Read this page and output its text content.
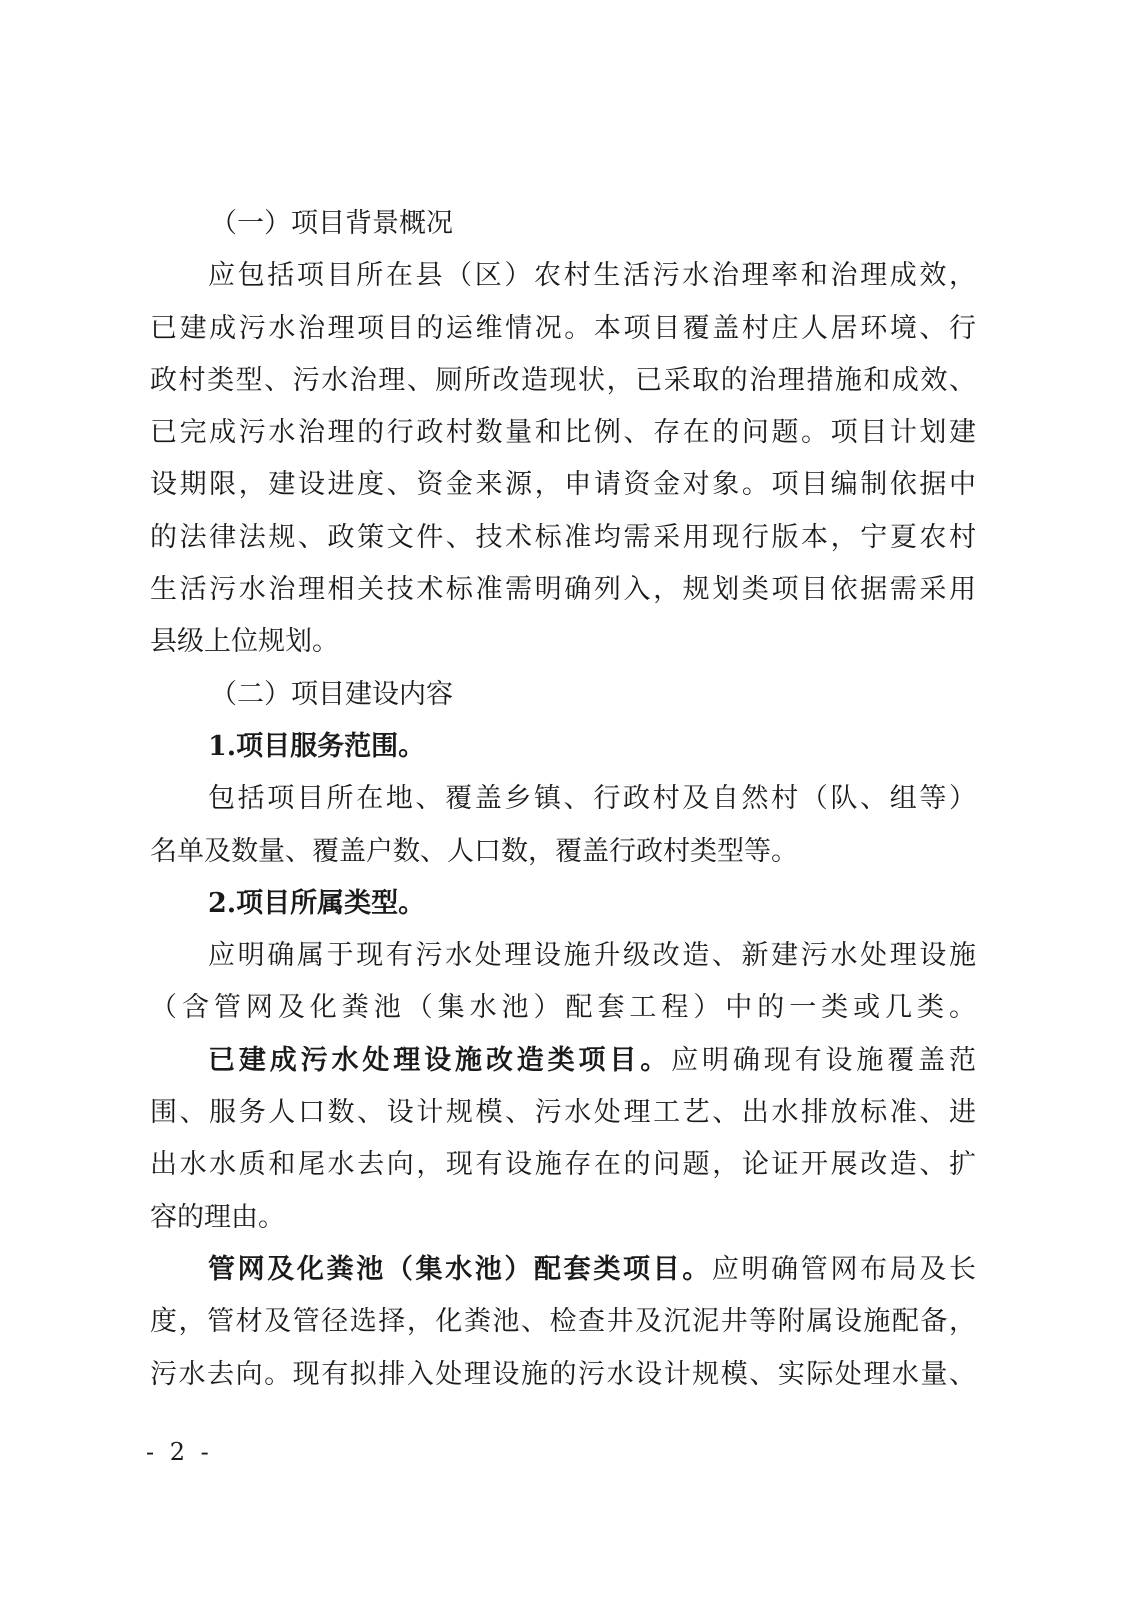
（一）项目背景概况
应包括项目所在县（区）农村生活污水治理率和治理成效，
已建成污水治理项目的运维情况。本项目覆盖村庄人居环境、行
政村类型、污水治理、厕所改造现状，已采取的治理措施和成效、
已完成污水治理的行政村数量和比例、存在的问题。项目计划建
设期限，建设进度、资金来源，申请资金对象。项目编制依据中
的法律法规、政策文件、技术标准均需采用现行版本，宁夏农村
生活污水治理相关技术标准需明确列入，规划类项目依据需采用
县级上位规划。
（二）项目建设内容
1.项目服务范围。
包括项目所在地、覆盖乡镇、行政村及自然村（队、组等）
名单及数量、覆盖户数、人口数，覆盖行政村类型等。
2.项目所属类型。
应明确属于现有污水处理设施升级改造、新建污水处理设施
（含管网及化粪池（集水池）配套工程）中的一类或几类。
已建成污水处理设施改造类项目。应明确现有设施覆盖范
围、服务人口数、设计规模、污水处理工艺、出水排放标准、进
出水水质和尾水去向，现有设施存在的问题，论证开展改造、扩
容的理由。
管网及化粪池（集水池）配套类项目。应明确管网布局及长
度，管材及管径选择，化粪池、检查井及沉泥井等附属设施配备，
污水去向。现有拟排入处理设施的污水设计规模、实际处理水量、
- 2 -
